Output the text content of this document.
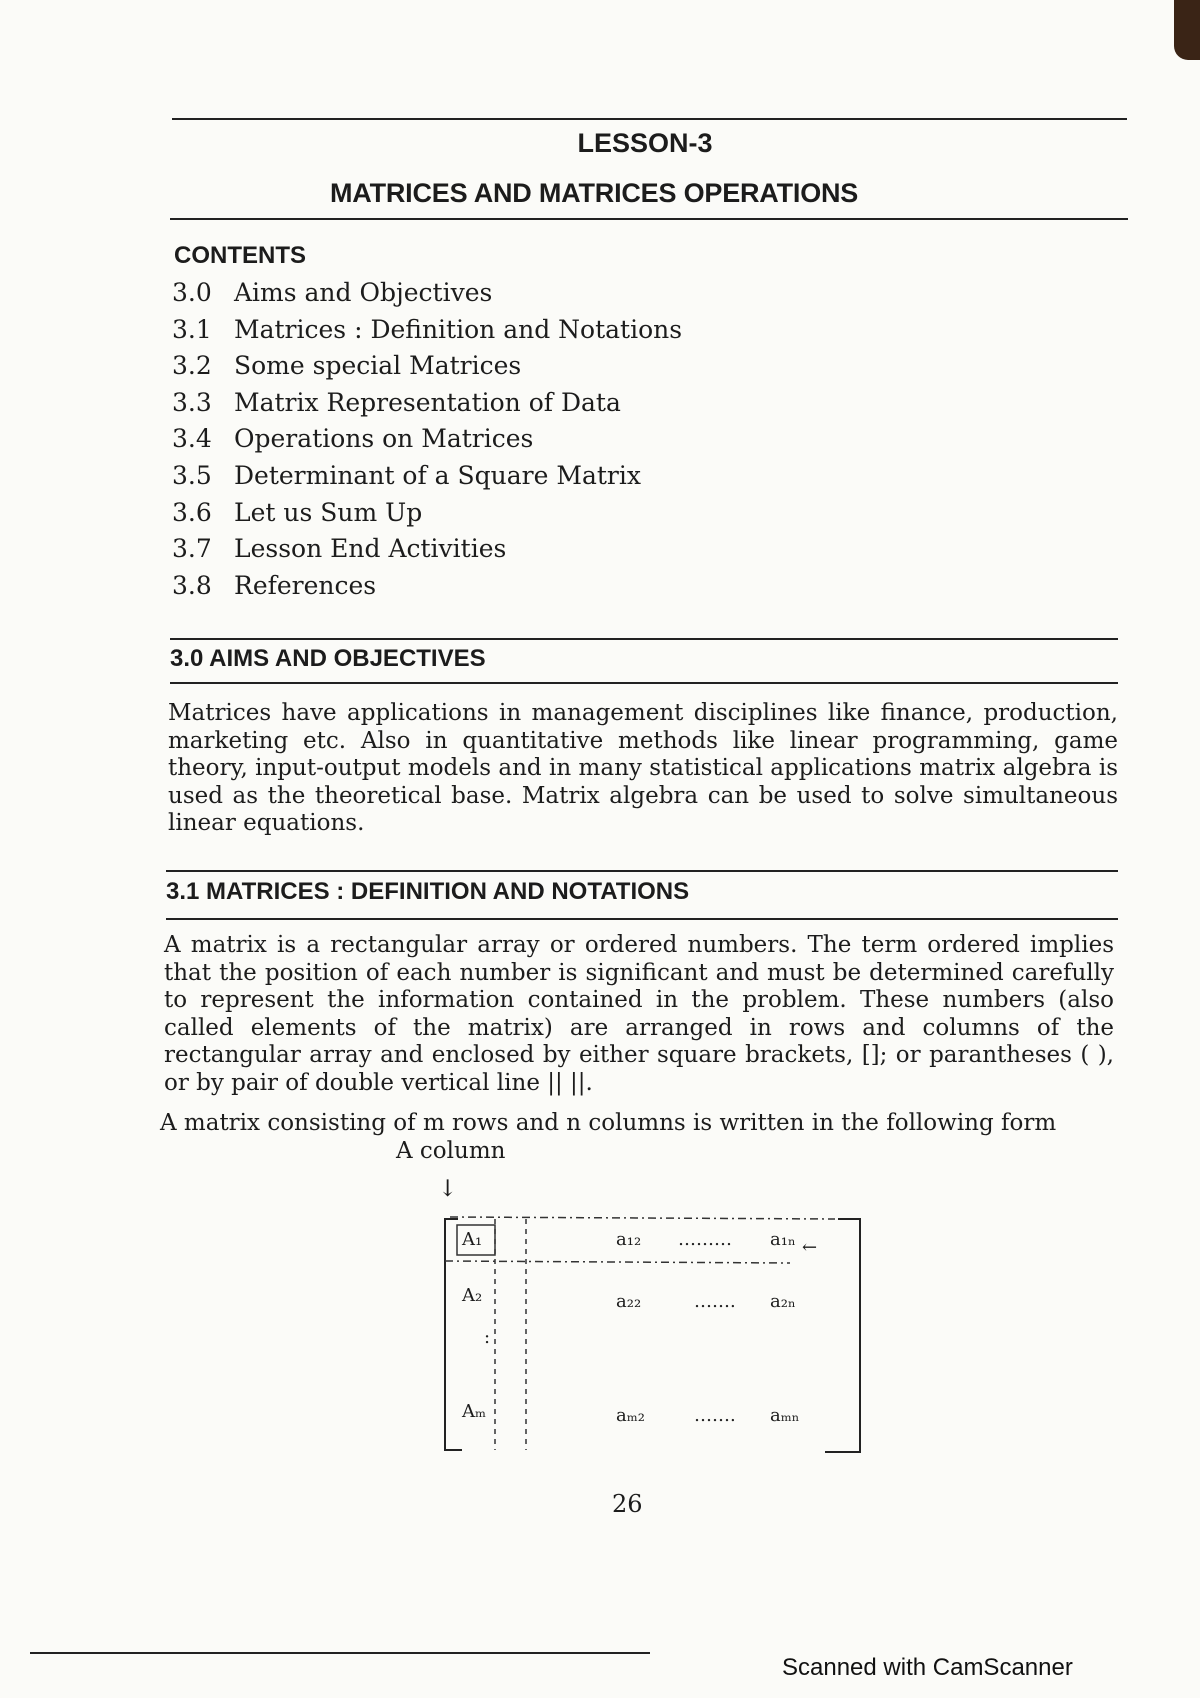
LESSON-3
MATRICES AND MATRICES OPERATIONS
CONTENTS
3.0 Aims and Objectives
3.1 Matrices : Definition and Notations
3.2 Some special Matrices
3.3 Matrix Representation of Data
3.4 Operations on Matrices
3.5 Determinant of a Square Matrix
3.6 Let us Sum Up
3.7 Lesson End Activities
3.8 References
3.0 AIMS AND OBJECTIVES

Matrices have applications in management disciplines like finance, production, marketing etc. Also in quantitative methods like linear programming, game theory, input-output models and in many statistical applications matrix algebra is used as the theoretical base. Matrix algebra can be used to solve simultaneous linear equations.

3.1 MATRICES : DEFINITION AND NOTATIONS

A matrix is a rectangular array or ordered numbers. The term ordered implies that the position of each number is significant and must be determined carefully to represent the information contained in the problem. These numbers (also called elements of the matrix) are arranged in rows and columns of the rectangular array and enclosed by either square brackets, []; or parantheses ( ), or by pair of double vertical line || ||.

A matrix consisting of m rows and n columns is written in the following form
A column
↓
A₁
A₂
:
Aₘ
a₁₂
a₂₂
aₘ₂
………
…….
…….
a₁ₙ ←
a₂ₙ
aₘₙ
26
Scanned with CamScanner
